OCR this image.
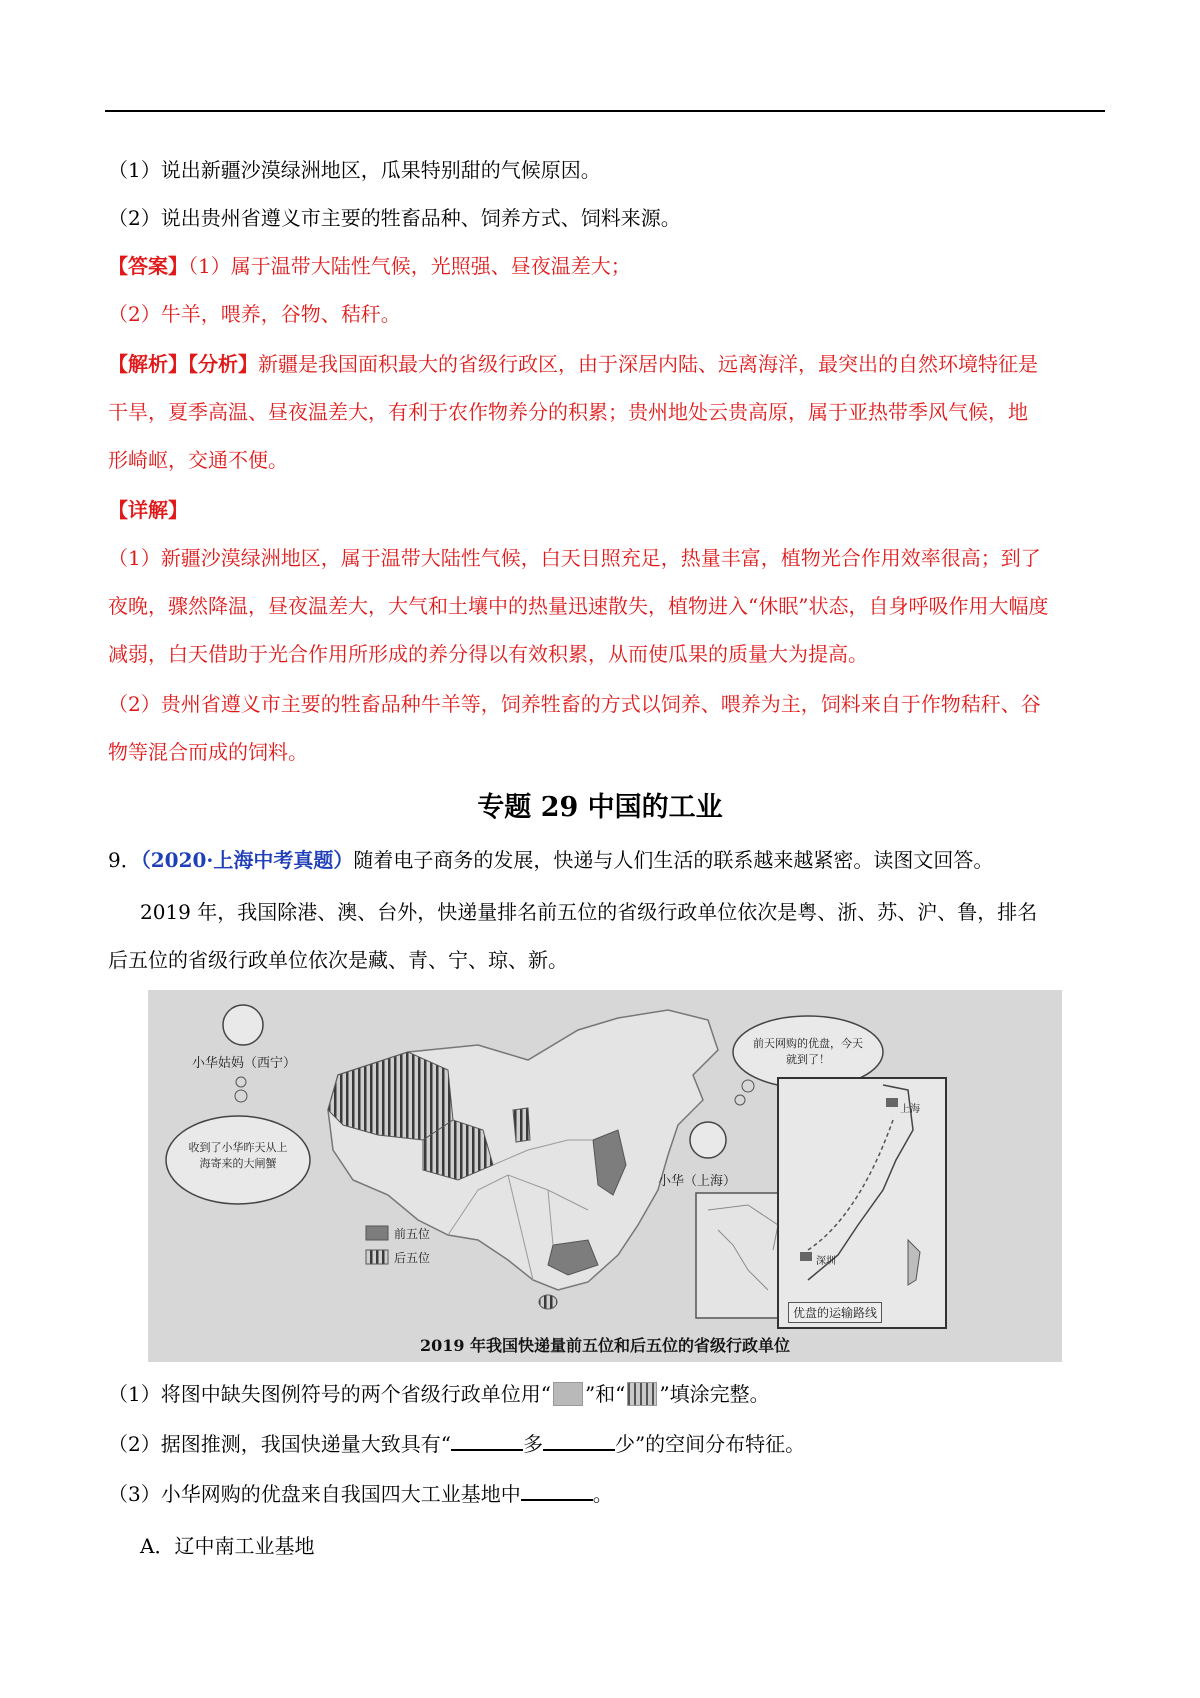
（1）说出新疆沙漠绿洲地区，瓜果特别甜的气候原因。
（2）说出贵州省遵义市主要的牲畜品种、饲养方式、饲料来源。
【答案】（1）属于温带大陆性气候，光照强、昼夜温差大；
（2）牛羊，喂养，谷物、秸秆。
【解析】【分析】新疆是我国面积最大的省级行政区，由于深居内陆、远离海洋，最突出的自然环境特征是
干旱，夏季高温、昼夜温差大，有利于农作物养分的积累；贵州地处云贵高原，属于亚热带季风气候，地
形崎岖，交通不便。
【详解】
（1）新疆沙漠绿洲地区，属于温带大陆性气候，白天日照充足，热量丰富，植物光合作用效率很高；到了
夜晚，骤然降温，昼夜温差大，大气和土壤中的热量迅速散失，植物进入“休眠”状态，自身呼吸作用大幅度
减弱，白天借助于光合作用所形成的养分得以有效积累，从而使瓜果的质量大为提高。
（2）贵州省遵义市主要的牲畜品种牛羊等，饲养牲畜的方式以饲养、喂养为主，饲料来自于作物秸秆、谷
物等混合而成的饲料。
专题 29 中国的工业
9．（2020·上海中考真题）随着电子商务的发展，快递与人们生活的联系越来越紧密。读图文回答。
2019 年，我国除港、澳、台外，快递量排名前五位的省级行政单位依次是粤、浙、苏、沪、鲁，排名
后五位的省级行政单位依次是藏、青、宁、琼、新。
小华姑妈（西宁）
收到了小华昨天从上海寄来的大闸蟹
小华（上海）
前天网购的优盘，今天就到了！
前五位
后五位
上海
深圳
优盘的运输路线
2019 年我国快递量前五位和后五位的省级行政单位
（1）将图中缺失图例符号的两个省级行政单位用“ ”和“ ”填涂完整。
（2）据图推测，我国快递量大致具有“	多	少”的空间分布特征。
（3）小华网购的优盘来自我国四大工业基地中	。
A．辽中南工业基地
